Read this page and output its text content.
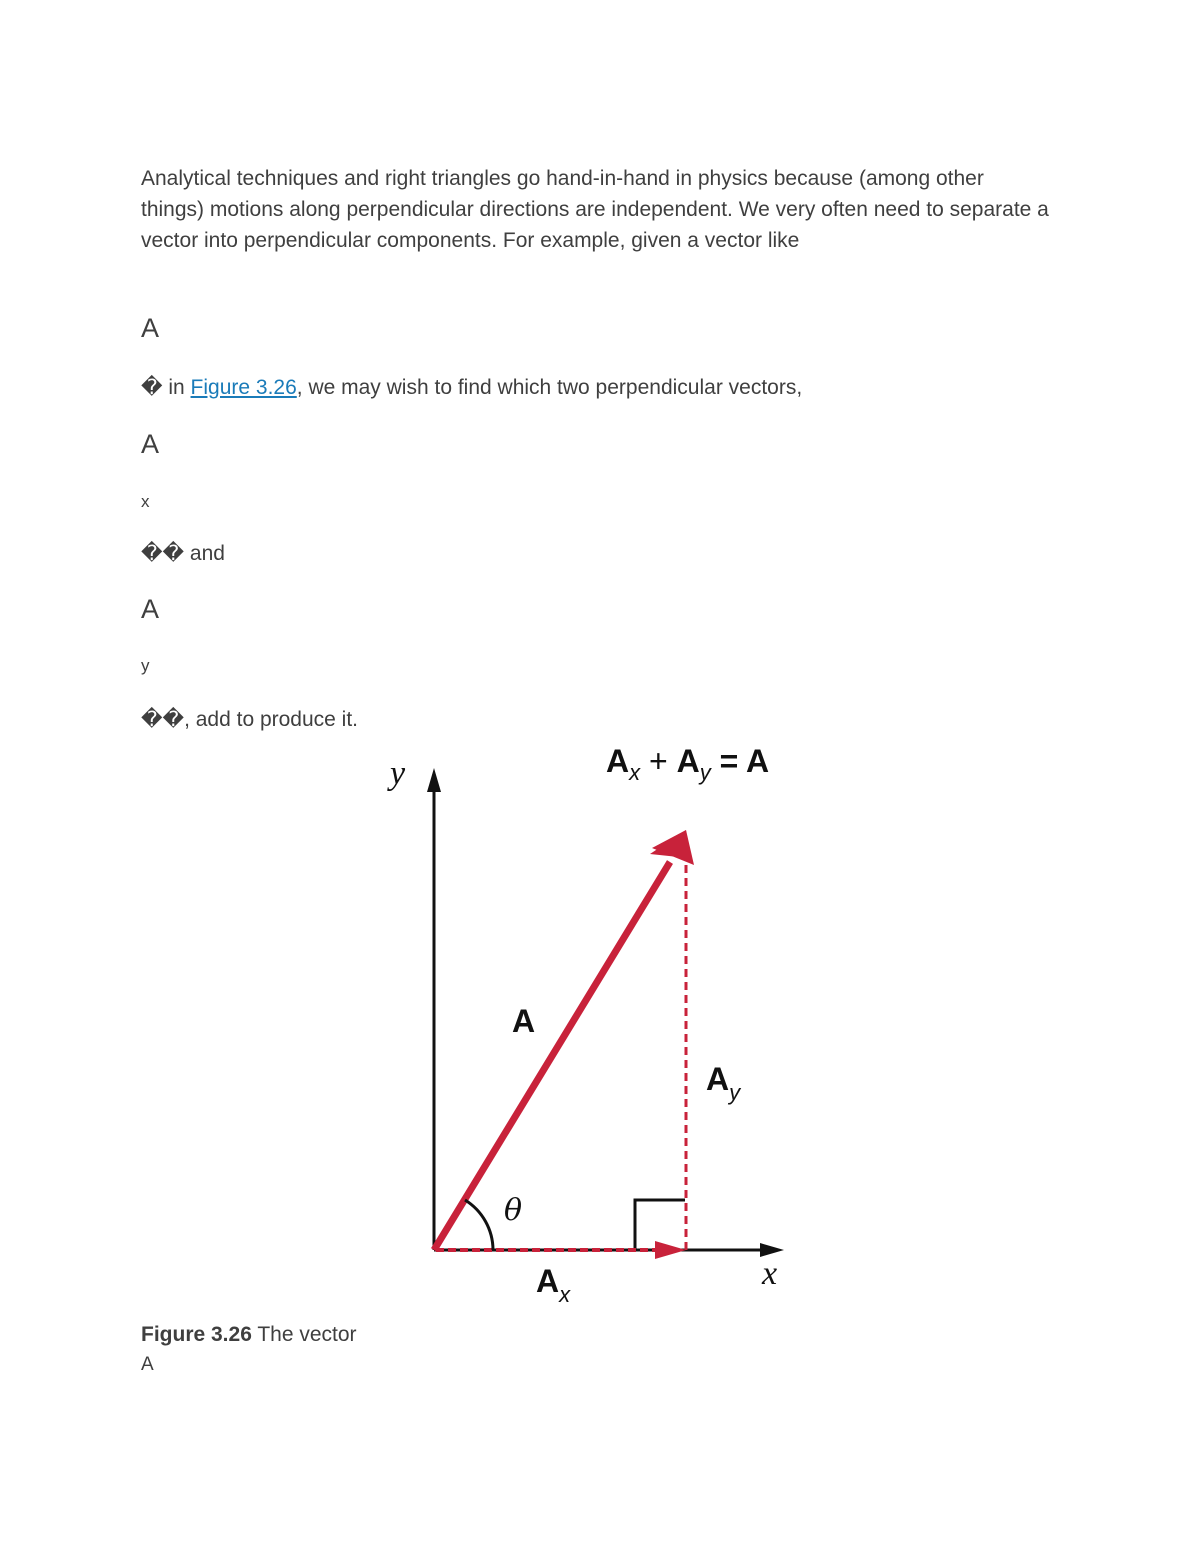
Analytical techniques and right triangles go hand-in-hand in physics because (among other things) motions along perpendicular directions are independent. We very often need to separate a vector into perpendicular components. For example, given a vector like

A

� in Figure 3.26, we may wish to find which two perpendicular vectors,

A

x

�� and

A

y

��, add to produce it.

$A_x + A_y = A$
y
x
θ
A
$A_y$
$A_x$
Figure 3.26 The vector

A
